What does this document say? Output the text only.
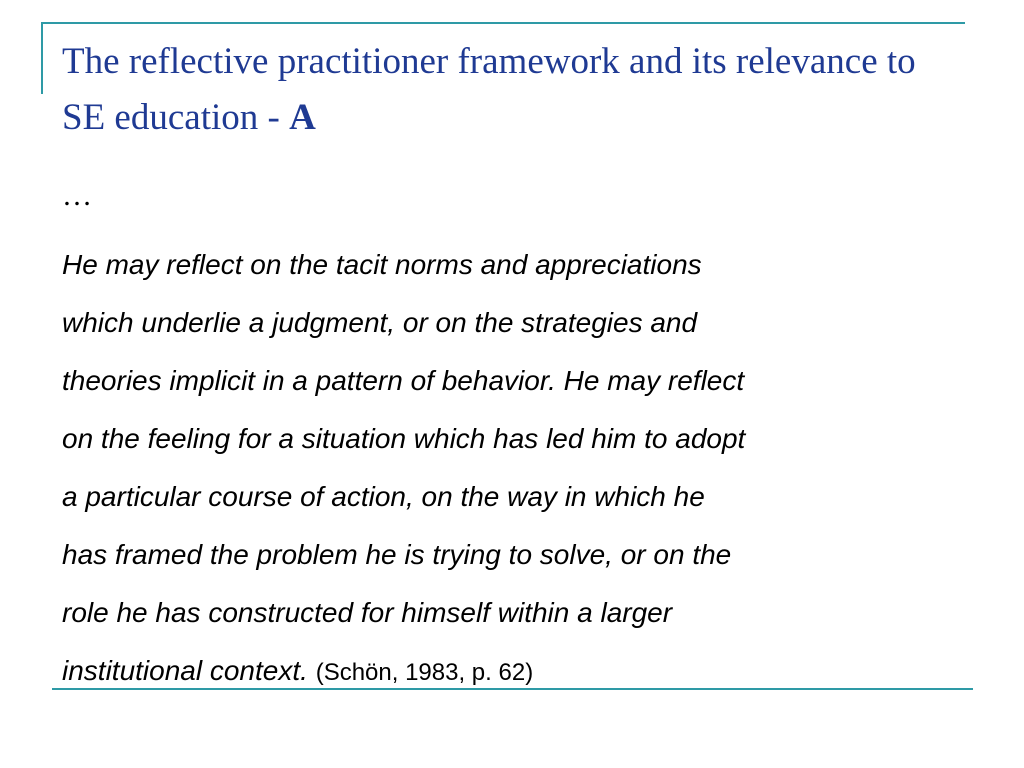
The reflective practitioner framework and its relevance to SE education - A
…

He may reflect on the tacit norms and appreciations
which underlie a judgment, or on the strategies and
theories implicit in a pattern of behavior. He may reflect
on the feeling for a situation which has led him to adopt
a particular course of action, on the way in which he
has framed the problem he is trying to solve, or on the
role he has constructed for himself within a larger
institutional context. (Schön, 1983, p. 62)
